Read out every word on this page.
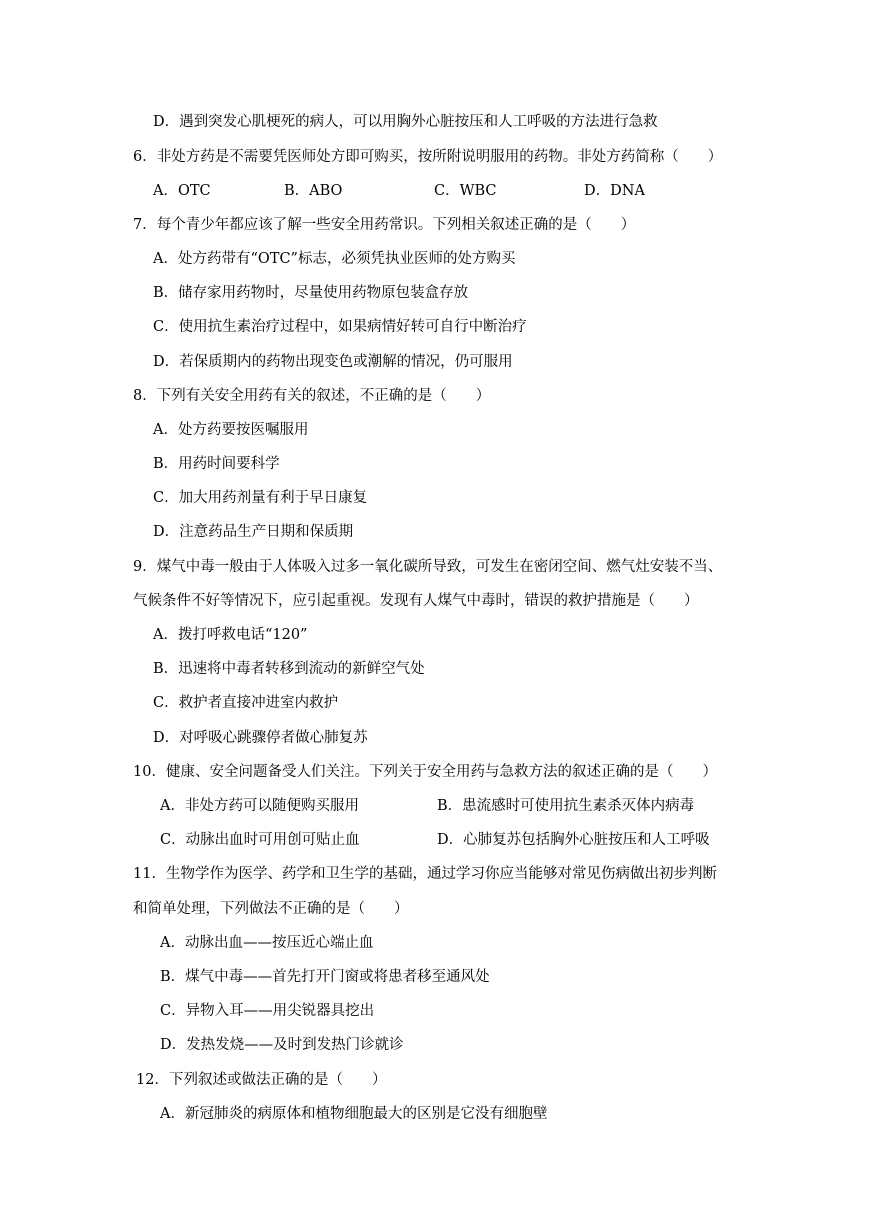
D．遇到突发心肌梗死的病人，可以用胸外心脏按压和人工呼吸的方法进行急救
6．非处方药是不需要凭医师处方即可购买，按所附说明服用的药物。非处方药简称（　　）
A．OTC	B．ABO	C．WBC	D．DNA
7．每个青少年都应该了解一些安全用药常识。下列相关叙述正确的是（　　）
A．处方药带有“OTC”标志，必须凭执业医师的处方购买
B．储存家用药物时，尽量使用药物原包装盒存放
C．使用抗生素治疗过程中，如果病情好转可自行中断治疗
D．若保质期内的药物出现变色或潮解的情况，仍可服用
8．下列有关安全用药有关的叙述，不正确的是（　　）
A．处方药要按医嘱服用
B．用药时间要科学
C．加大用药剂量有利于早日康复
D．注意药品生产日期和保质期
9．煤气中毒一般由于人体吸入过多一氧化碳所导致，可发生在密闭空间、燃气灶安装不当、
气候条件不好等情况下，应引起重视。发现有人煤气中毒时，错误的救护措施是（　　）
A．拨打呼救电话“120”
B．迅速将中毒者转移到流动的新鲜空气处
C．救护者直接冲进室内救护
D．对呼吸心跳骤停者做心肺复苏
10．健康、安全问题备受人们关注。下列关于安全用药与急救方法的叙述正确的是（　　）
A．非处方药可以随便购买服用	B．患流感时可使用抗生素杀灭体内病毒
C．动脉出血时可用创可贴止血	D．心肺复苏包括胸外心脏按压和人工呼吸
11．生物学作为医学、药学和卫生学的基础，通过学习你应当能够对常见伤病做出初步判断
和简单处理，下列做法不正确的是（　　）
A．动脉出血——按压近心端止血
B．煤气中毒——首先打开门窗或将患者移至通风处
C．异物入耳——用尖锐器具挖出
D．发热发烧——及时到发热门诊就诊
12．下列叙述或做法正确的是（　　）
A．新冠肺炎的病原体和植物细胞最大的区别是它没有细胞壁
